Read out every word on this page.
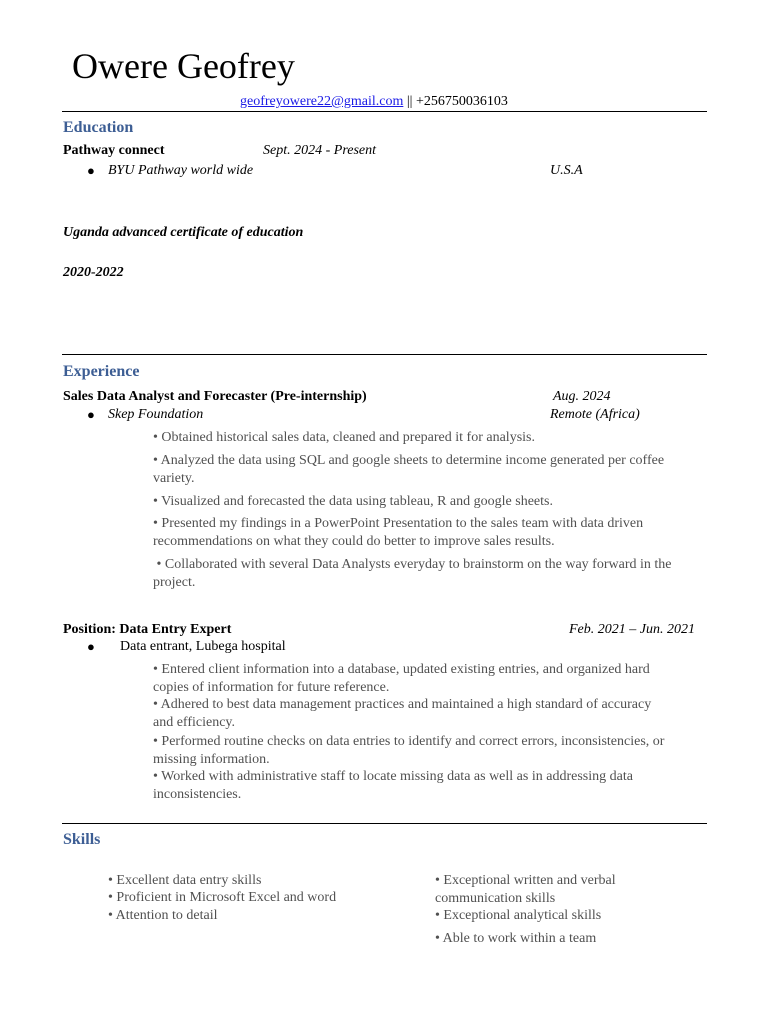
Owere Geofrey
geofreyowere22@gmail.com || +256750036103
Education
Pathway connect	Sept. 2024 - Present
● BYU Pathway world wide	U.S.A
Uganda advanced certificate of education
2020-2022
Experience
Sales Data Analyst and Forecaster (Pre-internship)	Aug. 2024
● Skep Foundation	Remote (Africa)
• Obtained historical sales data, cleaned and prepared it for analysis.
• Analyzed the data using SQL and google sheets to determine income generated per coffee variety.
• Visualized and forecasted the data using tableau, R and google sheets.
• Presented my findings in a PowerPoint Presentation to the sales team with data driven recommendations on what they could do better to improve sales results.
• Collaborated with several Data Analysts everyday to brainstorm on the way forward in the project.
Position: Data Entry Expert	Feb. 2021 – Jun. 2021
● Data entrant, Lubega hospital
• Entered client information into a database, updated existing entries, and organized hard copies of information for future reference.
• Adhered to best data management practices and maintained a high standard of accuracy and efficiency.
• Performed routine checks on data entries to identify and correct errors, inconsistencies, or missing information.
• Worked with administrative staff to locate missing data as well as in addressing data inconsistencies.
Skills
• Excellent data entry skills
• Proficient in Microsoft Excel and word
• Attention to detail
• Exceptional written and verbal communication skills
• Exceptional analytical skills
• Able to work within a team
